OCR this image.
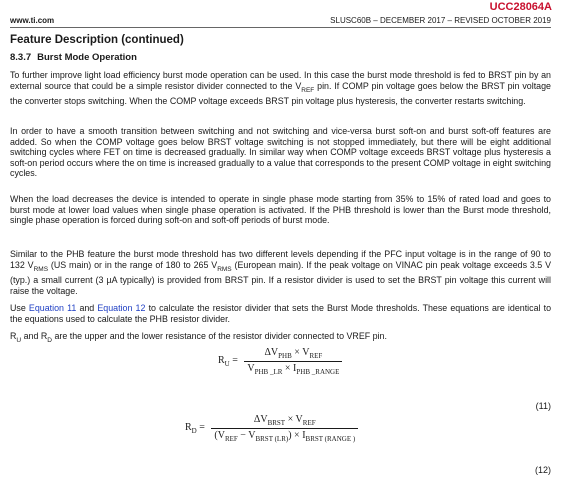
UCC28064A
www.ti.com	SLUSC60B – DECEMBER 2017 – REVISED OCTOBER 2019
Feature Description (continued)
8.3.7 Burst Mode Operation

To further improve light load efficiency burst mode operation can be used. In this case the burst mode threshold is fed to BRST pin by an external source that could be a simple resistor divider connected to the $V_{REF}$ pin. If COMP pin voltage goes below the BRST pin voltage the converter stops switching. When the COMP voltage exceeds BRST pin voltage plus hysteresis, the converter restarts switching.

In order to have a smooth transition between switching and not switching and vice-versa burst soft-on and burst soft-off features are added. So when the COMP voltage goes below BRST voltage switching is not stopped immediately, but there will be eight additional switching cycles where FET on time is decreased gradually. In similar way when COMP voltage exceeds BRST voltage plus hysteresis a soft-on period occurs where the on time is increased gradually to a value that corresponds to the present COMP voltage in eight switching cycles.

When the load decreases the device is intended to operate in single phase mode starting from 35% to 15% of rated load and goes to burst mode at lower load values when single phase operation is activated. If the PHB threshold is lower than the Burst mode threshold, single phase operation is forced during soft-on and soft-off periods of burst mode.

Similar to the PHB feature the burst mode threshold has two different levels depending if the PFC input voltage is in the range of 90 to 132 $V_{RMS}$ (US main) or in the range of 180 to 265 $V_{RMS}$ (European main). If the peak voltage on VINAC pin peak voltage exceeds 3.5 V (typ.) a small current (3 µA typically) is provided from BRST pin. If a resistor divider is used to set the BRST pin voltage this current will raise the voltage.

Use Equation 11 and Equation 12 to calculate the resistor divider that sets the Burst Mode thresholds. These equations are identical to the equations used to calculate the PHB resistor divider.

$R_U$ and $R_D$ are the upper and the lower resistance of the resistor divider connected to VREF pin.

$R_U = \frac{\Delta V_{PHB} \times V_{REF}}{V_{PHB \_LR} \times I_{PHB \_RANGE}}$
(11)
$R_D = \frac{\Delta V_{BRST} \times V_{REF}}{(V_{REF} - V_{BRST (LR)}) \times I_{BRST (RANGE )}}$
(12)
